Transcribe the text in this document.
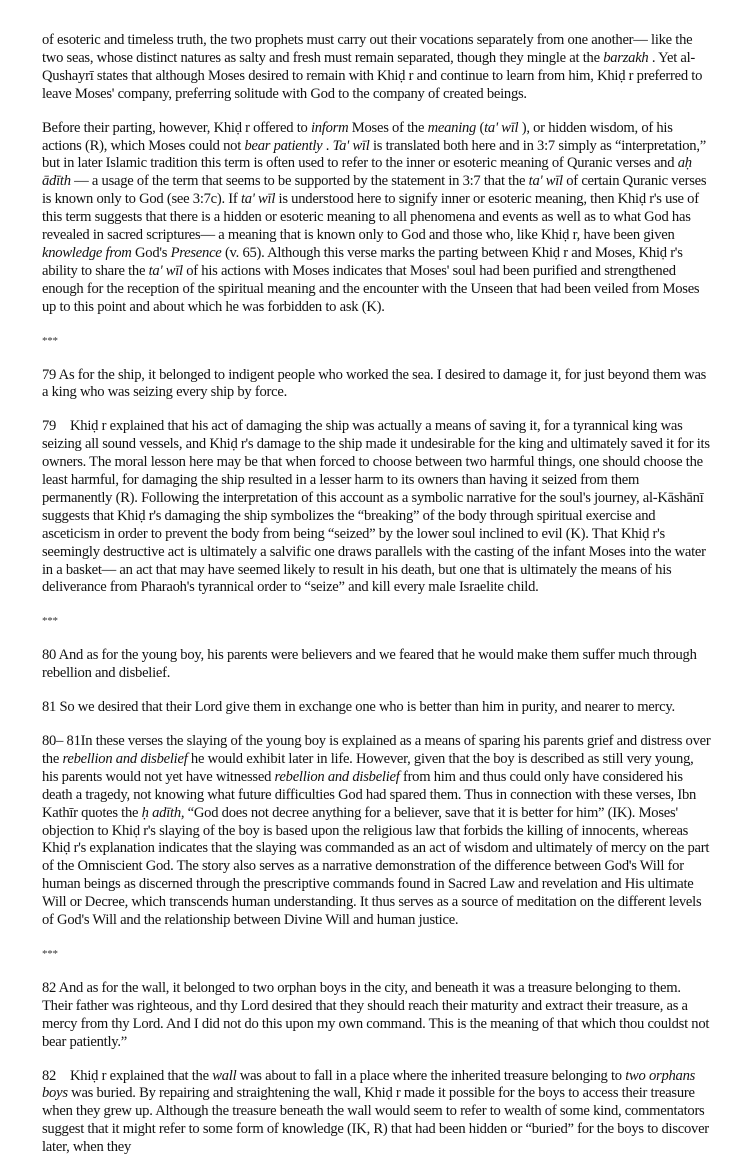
of esoteric and timeless truth, the two prophets must carry out their vocations separately from one another— like the two seas, whose distinct natures as salty and fresh must remain separated, though they mingle at the barzakh . Yet al-Qushayrī states that although Moses desired to remain with Khiḍ r and continue to learn from him, Khiḍ r preferred to leave Moses' company, preferring solitude with God to the company of created beings.

Before their parting, however, Khiḍ r offered to inform Moses of the meaning (ta' wīl ), or hidden wisdom, of his actions (R), which Moses could not bear patiently . Ta' wīl is translated both here and in 3:7 simply as “interpretation,” but in later Islamic tradition this term is often used to refer to the inner or esoteric meaning of Quranic verses and aḥ ādīth — a usage of the term that seems to be supported by the statement in 3:7 that the ta' wīl of certain Quranic verses is known only to God (see 3:7c). If ta' wīl is understood here to signify inner or esoteric meaning, then Khiḍ r's use of this term suggests that there is a hidden or esoteric meaning to all phenomena and events as well as to what God has revealed in sacred scriptures— a meaning that is known only to God and those who, like Khiḍ r, have been given knowledge from God's Presence (v. 65). Although this verse marks the parting between Khiḍ r and Moses, Khiḍ r's ability to share the ta' wīl of his actions with Moses indicates that Moses' soul had been purified and strengthened enough for the reception of the spiritual meaning and the encounter with the Unseen that had been veiled from Moses up to this point and about which he was forbidden to ask (K).

***

79 As for the ship, it belonged to indigent people who worked the sea. I desired to damage it, for just beyond them was a king who was seizing every ship by force.

79 Khiḍ r explained that his act of damaging the ship was actually a means of saving it, for a tyrannical king was seizing all sound vessels, and Khiḍ r's damage to the ship made it undesirable for the king and ultimately saved it for its owners. The moral lesson here may be that when forced to choose between two harmful things, one should choose the least harmful, for damaging the ship resulted in a lesser harm to its owners than having it seized from them permanently (R). Following the interpretation of this account as a symbolic narrative for the soul's journey, al-Kāshānī suggests that Khiḍ r's damaging the ship symbolizes the “breaking” of the body through spiritual exercise and asceticism in order to prevent the body from being “seized” by the lower soul inclined to evil (K). That Khiḍ r's seemingly destructive act is ultimately a salvific one draws parallels with the casting of the infant Moses into the water in a basket— an act that may have seemed likely to result in his death, but one that is ultimately the means of his deliverance from Pharaoh's tyrannical order to “seize” and kill every male Israelite child.

***

80 And as for the young boy, his parents were believers and we feared that he would make them suffer much through rebellion and disbelief.

81 So we desired that their Lord give them in exchange one who is better than him in purity, and nearer to mercy.

80– 81In these verses the slaying of the young boy is explained as a means of sparing his parents grief and distress over the rebellion and disbelief he would exhibit later in life. However, given that the boy is described as still very young, his parents would not yet have witnessed rebellion and disbelief from him and thus could only have considered his death a tragedy, not knowing what future difficulties God had spared them. Thus in connection with these verses, Ibn Kathīr quotes the ḥ adīth, “God does not decree anything for a believer, save that it is better for him” (IK). Moses' objection to Khiḍ r's slaying of the boy is based upon the religious law that forbids the killing of innocents, whereas Khiḍ r's explanation indicates that the slaying was commanded as an act of wisdom and ultimately of mercy on the part of the Omniscient God. The story also serves as a narrative demonstration of the difference between God's Will for human beings as discerned through the prescriptive commands found in Sacred Law and revelation and His ultimate Will or Decree, which transcends human understanding. It thus serves as a source of meditation on the different levels of God's Will and the relationship between Divine Will and human justice.

***

82 And as for the wall, it belonged to two orphan boys in the city, and beneath it was a treasure belonging to them. Their father was righteous, and thy Lord desired that they should reach their maturity and extract their treasure, as a mercy from thy Lord. And I did not do this upon my own command. This is the meaning of that which thou couldst not bear patiently.”

82 Khiḍ r explained that the wall was about to fall in a place where the inherited treasure belonging to two orphans boys was buried. By repairing and straightening the wall, Khiḍ r made it possible for the boys to access their treasure when they grew up. Although the treasure beneath the wall would seem to refer to wealth of some kind, commentators suggest that it might refer to some form of knowledge (IK, R) that had been hidden or “buried” for the boys to discover later, when they
